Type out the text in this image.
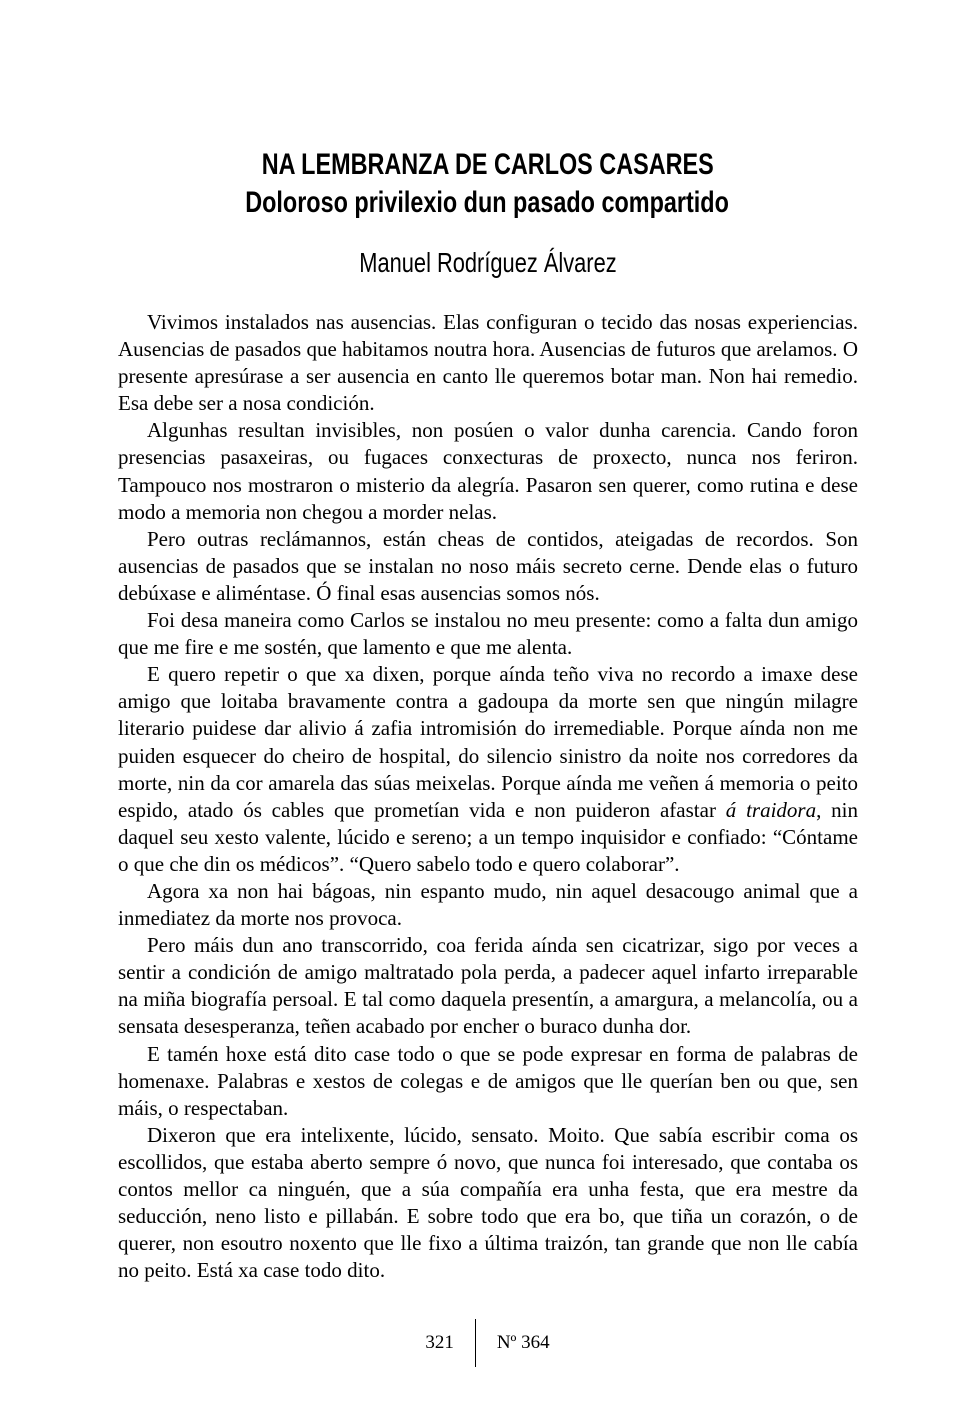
NA LEMBRANZA DE CARLOS CASARES
Doloroso privilexio dun pasado compartido
Manuel Rodríguez Álvarez

Vivimos instalados nas ausencias. Elas configuran o tecido das nosas experiencias. Ausencias de pasados que habitamos noutra hora. Ausencias de futuros que arelamos. O presente apresúrase a ser ausencia en canto lle queremos botar man. Non hai remedio. Esa debe ser a nosa condición.

Algunhas resultan invisibles, non posúen o valor dunha carencia. Cando foron presencias pasaxeiras, ou fugaces conxecturas de proxecto, nunca nos feriron. Tampouco nos mostraron o misterio da alegría. Pasaron sen querer, como rutina e dese modo a memoria non chegou a morder nelas.

Pero outras reclámannos, están cheas de contidos, ateigadas de recordos. Son ausencias de pasados que se instalan no noso máis secreto cerne. Dende elas o futuro debúxase e aliméntase. Ó final esas ausencias somos nós.

Foi desa maneira como Carlos se instalou no meu presente: como a falta dun amigo que me fire e me sostén, que lamento e que me alenta.

E quero repetir o que xa dixen, porque aínda teño viva no recordo a imaxe dese amigo que loitaba bravamente contra a gadoupa da morte sen que ningún milagre literario puidese dar alivio á zafia intromisión do irremediable. Porque aínda non me puiden esquecer do cheiro de hospital, do silencio sinistro da noite nos corredores da morte, nin da cor amarela das súas meixelas. Porque aínda me veñen á memoria o peito espido, atado ós cables que prometían vida e non puideron afastar á traidora, nin daquel seu xesto valente, lúcido e sereno; a un tempo inquisidor e confiado: “Cóntame o que che din os médicos”. “Quero sabelo todo e quero colaborar”.

Agora xa non hai bágoas, nin espanto mudo, nin aquel desacougo animal que a inmediatez da morte nos provoca.

Pero máis dun ano transcorrido, coa ferida aínda sen cicatrizar, sigo por veces a sentir a condición de amigo maltratado pola perda, a padecer aquel infarto irreparable na miña biografía persoal. E tal como daquela presentín, a amargura, a melancolía, ou a sensata desesperanza, teñen acabado por encher o buraco dunha dor.

E tamén hoxe está dito case todo o que se pode expresar en forma de palabras de homenaxe. Palabras e xestos de colegas e de amigos que lle querían ben ou que, sen máis, o respectaban.

Dixeron que era intelixente, lúcido, sensato. Moito. Que sabía escribir coma os escollidos, que estaba aberto sempre ó novo, que nunca foi interesado, que contaba os contos mellor ca ninguén, que a súa compañía era unha festa, que era mestre da seducción, neno listo e pillabán. E sobre todo que era bo, que tiña un corazón, o de querer, non esoutro noxento que lle fixo a última traizón, tan grande que non lle cabía no peito. Está xa case todo dito.

321	Nº 364
